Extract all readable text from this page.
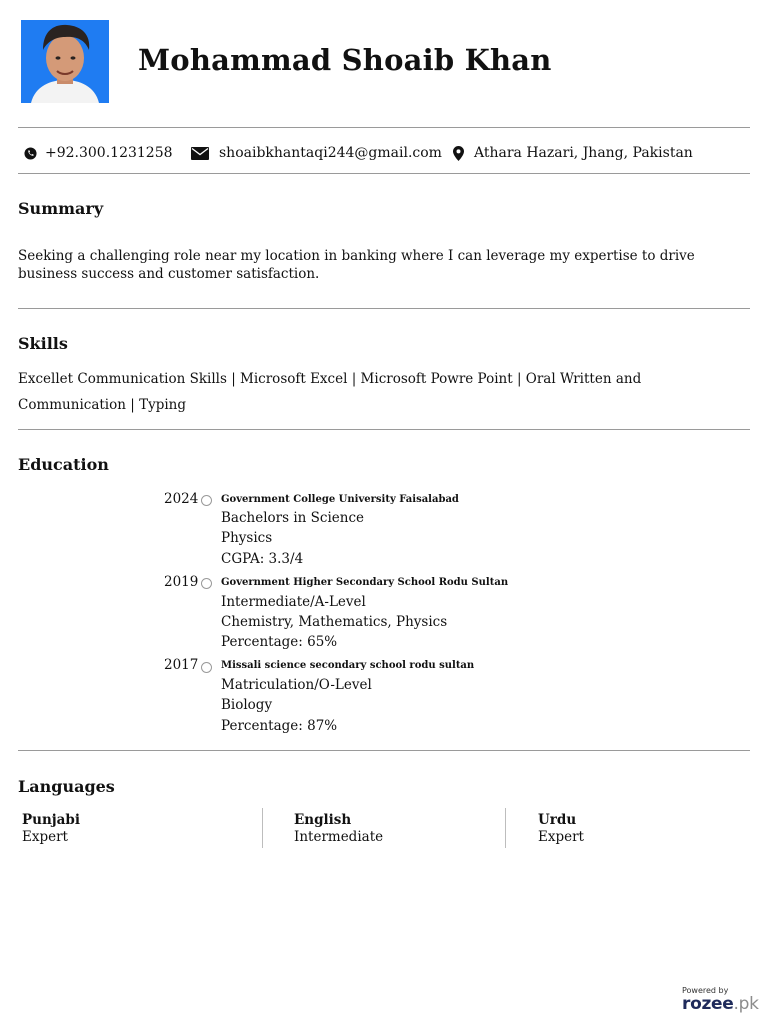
Mohammad Shoaib Khan
+92.300.1231258	shoaibkhantaqi244@gmail.com Athara Hazari, Jhang, Pakistan
Summary
Seeking a challenging role near my location in banking where I can leverage my expertise to drive business success and customer satisfaction.
Skills
Excellet Communication Skills | Microsoft Excel | Microsoft Powre Point | Oral Written and Communication | Typing
Education
2024 Government College University Faisalabad
Bachelors in Science
Physics
CGPA: 3.3/4
2019 Government Higher Secondary School Rodu Sultan
Intermediate/A-Level
Chemistry, Mathematics, Physics
Percentage: 65%
2017 Missali science secondary school rodu sultan
Matriculation/O-Level
Biology
Percentage: 87%
Languages
Punjabi
Expert
English
Intermediate
Urdu
Expert
Powered by
rozee.pk
